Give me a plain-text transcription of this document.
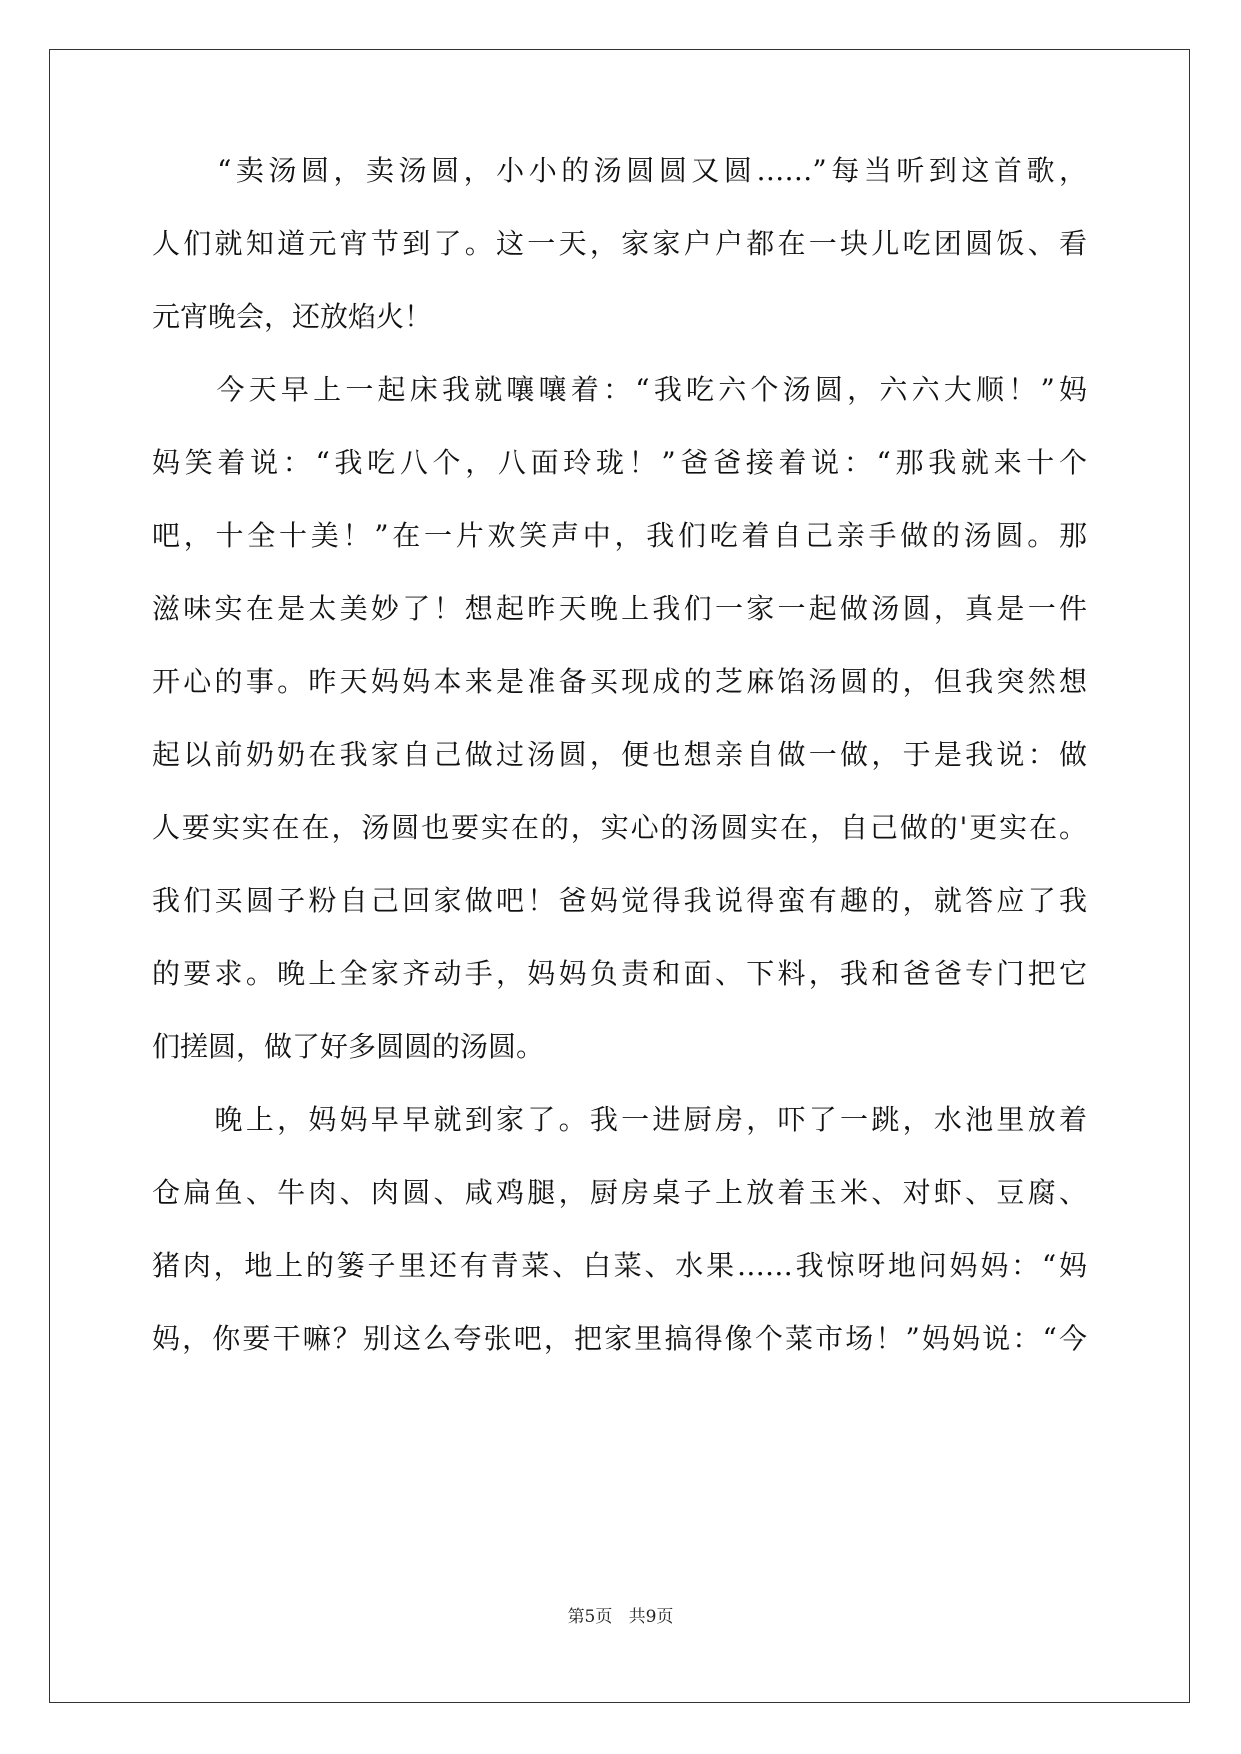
　　“卖汤圆，卖汤圆，小小的汤圆圆又圆……”每当听到这首歌，
人们就知道元宵节到了。这一天，家家户户都在一块儿吃团圆饭、看
元宵晚会，还放焰火！
　　今天早上一起床我就嚷嚷着：“我吃六个汤圆，六六大顺！”妈
妈笑着说：“我吃八个，八面玲珑！”爸爸接着说：“那我就来十个
吧，十全十美！”在一片欢笑声中，我们吃着自己亲手做的汤圆。那
滋味实在是太美妙了！想起昨天晚上我们一家一起做汤圆，真是一件
开心的事。昨天妈妈本来是准备买现成的芝麻馅汤圆的，但我突然想
起以前奶奶在我家自己做过汤圆，便也想亲自做一做，于是我说：做
人要实实在在，汤圆也要实在的，实心的汤圆实在，自己做的'更实在。
我们买圆子粉自己回家做吧！爸妈觉得我说得蛮有趣的，就答应了我
的要求。晚上全家齐动手，妈妈负责和面、下料，我和爸爸专门把它
们搓圆，做了好多圆圆的汤圆。
　　晚上，妈妈早早就到家了。我一进厨房，吓了一跳，水池里放着
仓扁鱼、牛肉、肉圆、咸鸡腿，厨房桌子上放着玉米、对虾、豆腐、
猪肉，地上的篓子里还有青菜、白菜、水果……我惊呀地问妈妈：“妈
妈，你要干嘛？别这么夸张吧，把家里搞得像个菜市场！”妈妈说：“今
第5页 共9页
